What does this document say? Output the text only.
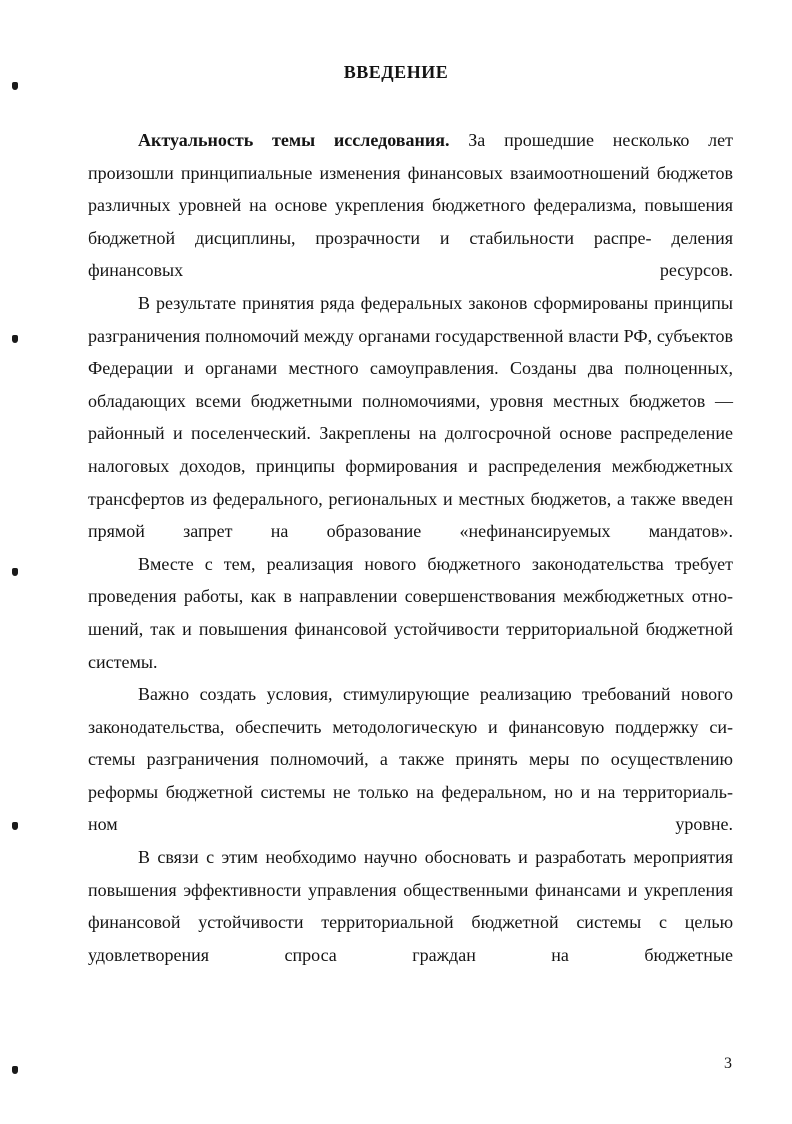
ВВЕДЕНИЕ

Актуальность темы исследования. За прошедшие несколько лет произошли принципиальные изменения финансовых взаимоотношений бюджетов различных уровней на основе укрепления бюджетного федерализма, повышения бюджетной дисциплины, прозрачности и стабильности распре- деления финансовых ресурсов.

В результате принятия ряда федеральных законов сформированы принципы разграничения полномочий между органами государственной власти РФ, субъектов Федерации и органами местного самоуправления. Созданы два полноценных, обладающих всеми бюджетными полномочиями, уровня местных бюджетов — районный и поселенческий. Закреплены на долгосрочной основе распределение налоговых доходов, принципы формирования и распределения межбюджетных трансфертов из федерального, региональных и местных бюджетов, а также введен прямой запрет на образование «нефинансируемых мандатов».

Вместе с тем, реализация нового бюджетного законодательства требует проведения работы, как в направлении совершенствования межбюджетных отно- шений, так и повышения финансовой устойчивости территориальной бюджетной системы.

Важно создать условия, стимулирующие реализацию требований нового законодательства, обеспечить методологическую и финансовую поддержку си- стемы разграничения полномочий, а также принять меры по осуществлению реформы бюджетной системы не только на федеральном, но и на территориаль- ном уровне.

В связи с этим необходимо научно обосновать и разработать мероприятия повышения эффективности управления общественными финансами и укрепления финансовой устойчивости территориальной бюджетной системы с целью удовлетворения спроса граждан на бюджетные

3
